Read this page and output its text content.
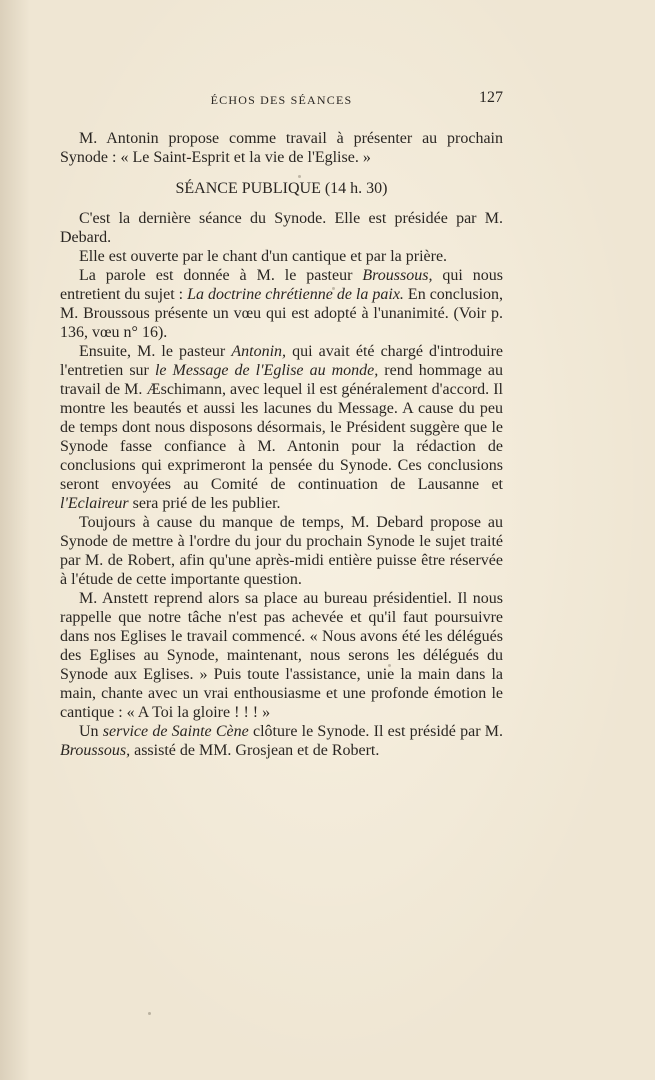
ÉCHOS DES SÉANCES	127

M. Antonin propose comme travail à présenter au prochain Synode : « Le Saint-Esprit et la vie de l'Eglise. »

SÉANCE PUBLIQUE (14 h. 30)

C'est la dernière séance du Synode. Elle est présidée par M. Debard.

Elle est ouverte par le chant d'un cantique et par la prière.

La parole est donnée à M. le pasteur Broussous, qui nous entretient du sujet : La doctrine chrétienne de la paix. En conclusion, M. Broussous présente un vœu qui est adopté à l'unanimité. (Voir p. 136, vœu n° 16).

Ensuite, M. le pasteur Antonin, qui avait été chargé d'introduire l'entretien sur le Message de l'Eglise au monde, rend hommage au travail de M. Æschimann, avec lequel il est généralement d'accord. Il montre les beautés et aussi les lacunes du Message. A cause du peu de temps dont nous disposons désormais, le Président suggère que le Synode fasse confiance à M. Antonin pour la rédaction de conclusions qui exprimeront la pensée du Synode. Ces conclusions seront envoyées au Comité de continuation de Lausanne et l'Eclaireur sera prié de les publier.

Toujours à cause du manque de temps, M. Debard propose au Synode de mettre à l'ordre du jour du prochain Synode le sujet traité par M. de Robert, afin qu'une après-midi entière puisse être réservée à l'étude de cette importante question.

M. Anstett reprend alors sa place au bureau présidentiel. Il nous rappelle que notre tâche n'est pas achevée et qu'il faut poursuivre dans nos Eglises le travail commencé. « Nous avons été les délégués des Eglises au Synode, maintenant, nous serons les délégués du Synode aux Eglises. » Puis toute l'assistance, unie la main dans la main, chante avec un vrai enthousiasme et une profonde émotion le cantique : « A Toi la gloire ! ! ! »

Un service de Sainte Cène clôture le Synode. Il est présidé par M. Broussous, assisté de MM. Grosjean et de Robert.
